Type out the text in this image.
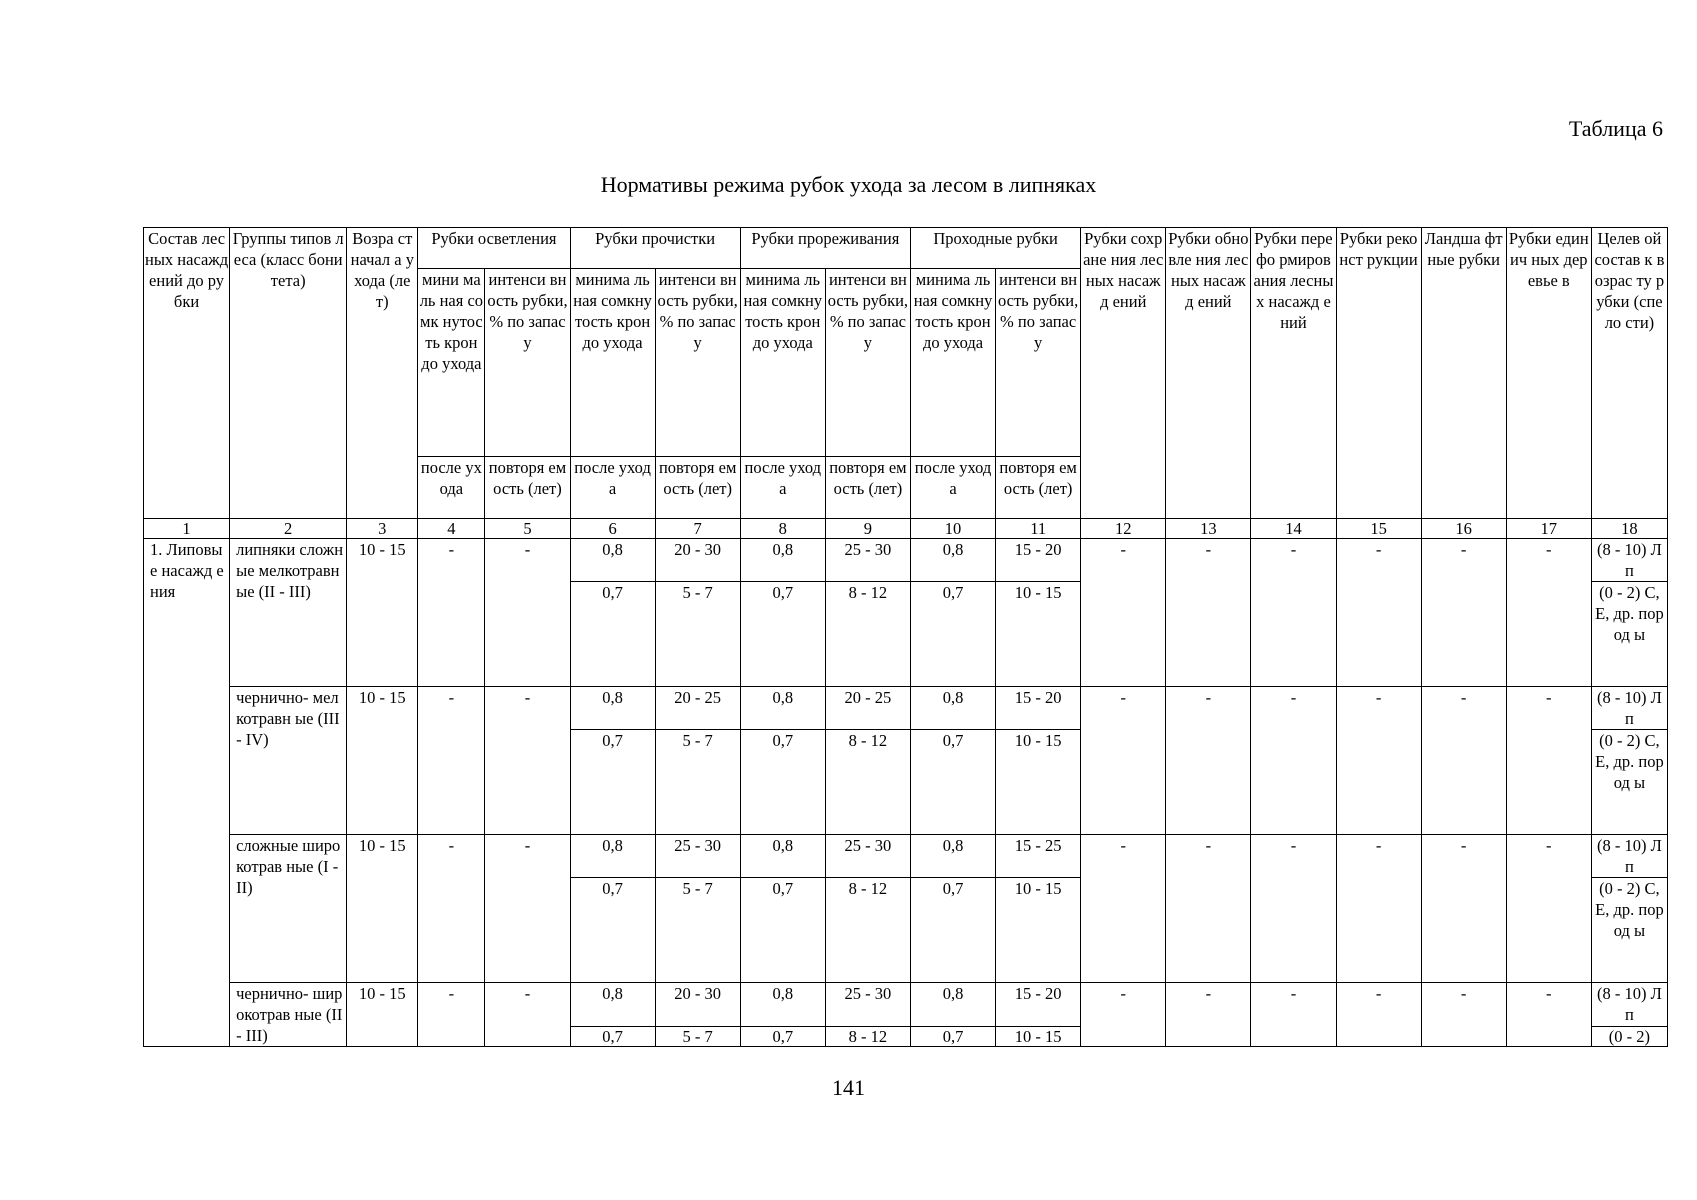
Таблица 6
Нормативы режима рубок ухода за лесом в липняках
Состав лесных насажд ений до рубки	Группы типов леса (класс бонитета)	Возра ст начал а ухода (лет)	Рубки осветления		Рубки прочистки		Рубки прореживания		Проходные рубки		Рубки сохране ния лесных насажд ений	Рубки обновле ния лесных насажд ений	Рубки перефо рмиров ания лесных насажд ений	Рубки реконст рукции	Ландша фтные рубки	Рубки единич ных деревье в	Целев ой состав к возрас ту рубки (спело сти)
			мини маль ная сомк нутос ть крон до ухода	интенси вность рубки, % по запасу	минима льная сомкну тость крон до ухода	интенси вность рубки, % по запасу	минима льная сомкну тость крон до ухода	интенси вность рубки, % по запасу	минима льная сомкну тость крон до ухода	интенси вность рубки, % по запасу							
			после ухода	повторя емость (лет)	после ухода	повторя емость (лет)	после ухода	повторя емость (лет)	после ухода	повторя емость (лет)							
1	2	3	4	5	6	7	8	9	10	11	12	13	14	15	16	17	18
1. Липовы е насажд ения	липняки сложные мелкотравн ые (II - III)	10 - 15	-	-	0,8	20 - 30	0,8	25 - 30	0,8	15 - 20	-	-	-	-	-	-	(8 - 10) Лп
					0,7	5 - 7	0,7	8 - 12	0,7	10 - 15							(0 - 2) С, Е, др. пород ы
	чернично- мелкотравн ые (III - IV)	10 - 15	-	-	0,8	20 - 25	0,8	20 - 25	0,8	15 - 20	-	-	-	-	-	-	(8 - 10) Лп
					0,7	5 - 7	0,7	8 - 12	0,7	10 - 15							(0 - 2) С, Е, др. пород ы
	сложные широкотрав ные (I - II)	10 - 15	-	-	0,8	25 - 30	0,8	25 - 30	0,8	15 - 25	-	-	-	-	-	-	(8 - 10) Лп
					0,7	5 - 7	0,7	8 - 12	0,7	10 - 15							(0 - 2) С, Е, др. пород ы
	чернично- широкотрав ные (II - III)	10 - 15	-	-	0,8	20 - 30	0,8	25 - 30	0,8	15 - 20	-	-	-	-	-	-	(8 - 10) Лп
					0,7	5 - 7	0,7	8 - 12	0,7	10 - 15							(0 - 2)
141
